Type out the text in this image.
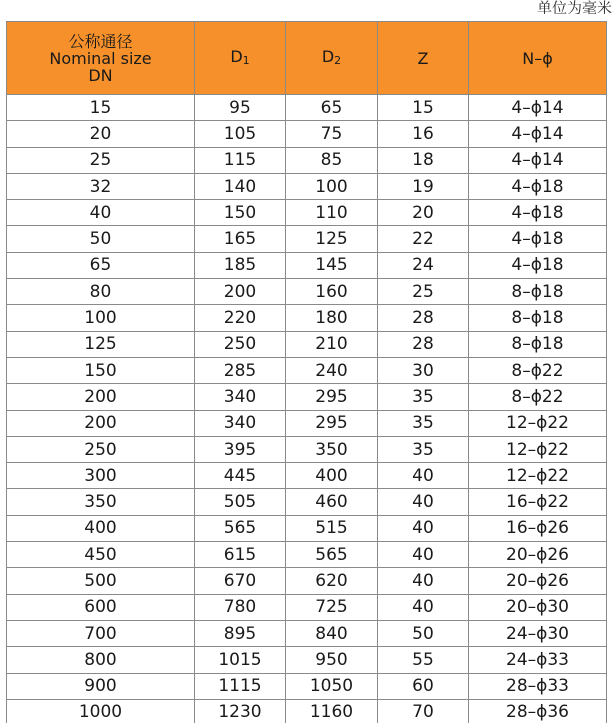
单位为毫米
公称通径
Nominal size
DN	D1	D2	Z	N–ϕ
15	95	65	15	4–ϕ14
20	105	75	16	4–ϕ14
25	115	85	18	4–ϕ14
32	140	100	19	4–ϕ18
40	150	110	20	4–ϕ18
50	165	125	22	4–ϕ18
65	185	145	24	4–ϕ18
80	200	160	25	8–ϕ18
100	220	180	28	8–ϕ18
125	250	210	28	8–ϕ18
150	285	240	30	8–ϕ22
200	340	295	35	8–ϕ22
200	340	295	35	12–ϕ22
250	395	350	35	12–ϕ22
300	445	400	40	12–ϕ22
350	505	460	40	16–ϕ22
400	565	515	40	16–ϕ26
450	615	565	40	20–ϕ26
500	670	620	40	20–ϕ26
600	780	725	40	20–ϕ30
700	895	840	50	24–ϕ30
800	1015	950	55	24–ϕ33
900	1115	1050	60	28–ϕ33
1000	1230	1160	70	28–ϕ36
